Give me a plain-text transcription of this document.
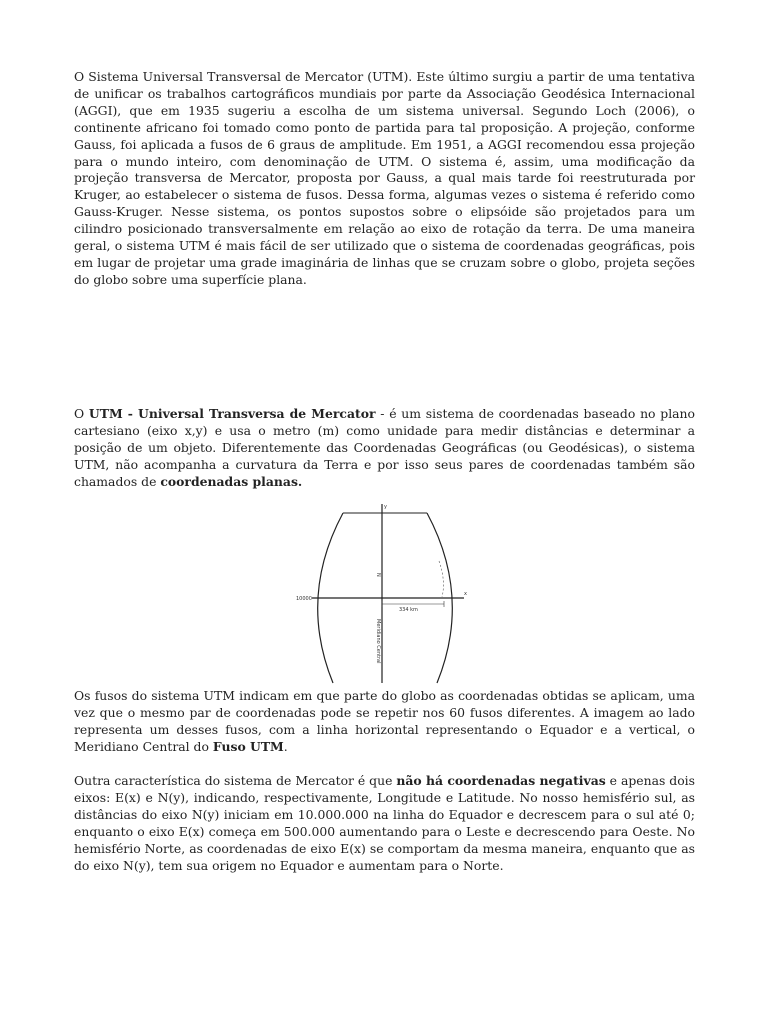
O Sistema Universal Transversal de Mercator (UTM). Este último surgiu a partir de uma tentativa de unificar os trabalhos cartográficos mundiais por parte da Associação Geodésica Internacional (AGGI), que em 1935 sugeriu a escolha de um sistema universal. Segundo Loch (2006), o continente africano foi tomado como ponto de partida para tal proposição. A projeção, conforme Gauss, foi aplicada a fusos de 6 graus de amplitude. Em 1951, a AGGI recomendou essa projeção para o mundo inteiro, com denominação de UTM. O sistema é, assim, uma modificação da projeção transversa de Mercator, proposta por Gauss, a qual mais tarde foi reestruturada por Kruger, ao estabelecer o sistema de fusos. Dessa forma, algumas vezes o sistema é referido como Gauss-Kruger. Nesse sistema, os pontos supostos sobre o elipsóide são projetados para um cilindro posicionado transversalmente em relação ao eixo de rotação da terra. De uma maneira geral, o sistema UTM é mais fácil de ser utilizado que o sistema de coordenadas geográficas, pois em lugar de projetar uma grade imaginária de linhas que se cruzam sobre o globo, projeta seções do globo sobre uma superfície plana.

O UTM - Universal Transversa de Mercator - é um sistema de coordenadas baseado no plano cartesiano (eixo x,y) e usa o metro (m) como unidade para medir distâncias e determinar a posição de um objeto. Diferentemente das Coordenadas Geográficas (ou Geodésicas), o sistema UTM, não acompanha a curvatura da Terra e por isso seus pares de coordenadas também são chamados de coordenadas planas.

y
x
10000
334 km
N
Meridiano Central

Os fusos do sistema UTM indicam em que parte do globo as coordenadas obtidas se aplicam, uma vez que o mesmo par de coordenadas pode se repetir nos 60 fusos diferentes. A imagem ao lado representa um desses fusos, com a linha horizontal representando o Equador e a vertical, o Meridiano Central do Fuso UTM.

Outra característica do sistema de Mercator é que não há coordenadas negativas e apenas dois eixos: E(x) e N(y), indicando, respectivamente, Longitude e Latitude. No nosso hemisfério sul, as distâncias do eixo N(y) iniciam em 10.000.000 na linha do Equador e decrescem para o sul até 0; enquanto o eixo E(x) começa em 500.000 aumentando para o Leste e decrescendo para Oeste. No hemisfério Norte, as coordenadas de eixo E(x) se comportam da mesma maneira, enquanto que as do eixo N(y), tem sua origem no Equador e aumentam para o Norte.
